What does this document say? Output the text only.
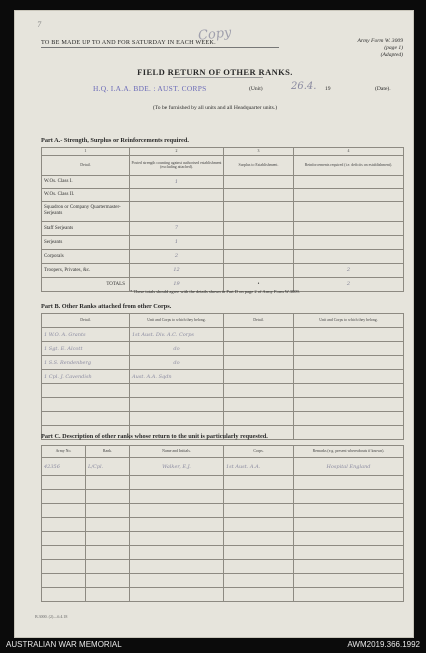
7
Copy
TO BE MADE UP TO AND FOR SATURDAY IN EACH WEEK.	Army Form W. 3009
(page 1)
(Adapted)
FIELD RETURN OF OTHER RANKS.
H.Q. I.A.A. BDE. : AUST. CORPS	(Unit)	26.4. 19	(Date).
(To be furnished by all units and all Headquarter units.)
Part A.- Strength, Surplus or Reinforcements required.
1	2	3	4
Detail.	Posted strength counting against authorised establishment (excluding attached).	Surplus to Establishment.	Reinforcements required (i.e. deficits on establishment).
W.Os. Class I.	1		
W.Os. Class II.			
Squadron or Company Quartermaster-Serjeants			
Staff Serjeants	7		
Serjeants	1		
Corporals	2		
Troopers, Privates, &c.	12		2
TOTALS	19	•	2
* These totals should agree with the details shown in Part D on page 2 of Army Form W.3009.
Part B. Other Ranks attached from other Corps.
Detail.	Unit and Corps to which they belong.	Detail.	Unit and Corps to which they belong.
1 W.O. A. Grants	1st Aust. Div. A.C. Corps		
1 Sgt. E. Alcott	do		
1 S.S. Rendenberg	do		
1 Cpl. J. Cavendish	Aust. A.A. Sqdn		

Part C. Description of other ranks whose return to the unit is particularly requested.
Army No.	Rank.	Name and Initials.	Corps.	Remarks (e.g. present whereabouts if known).
42356	L/Cpl.	Walker, E.J.	1st Aust. A.A.	Hospital England

B.3000. (2)—6.4.18
AUSTRALIAN WAR MEMORIAL	AWM2019.366.1992
